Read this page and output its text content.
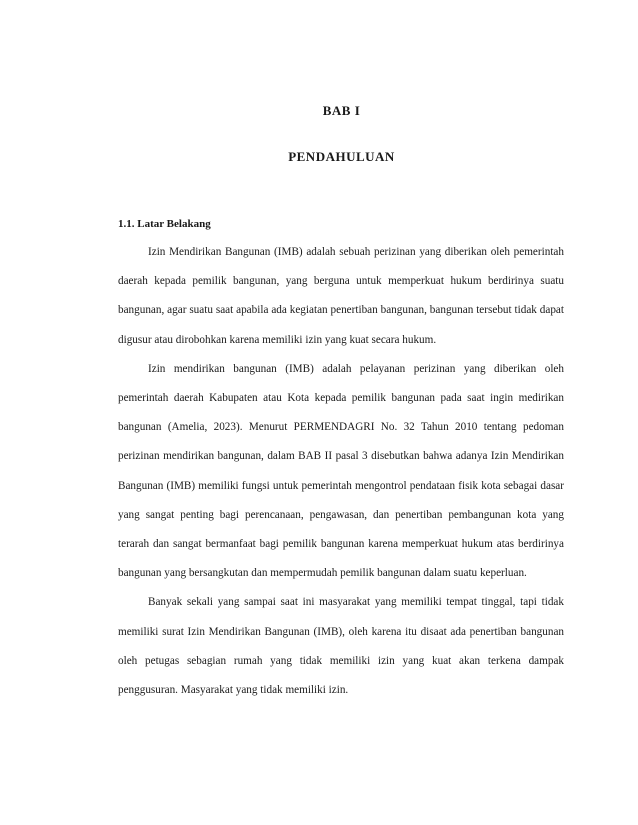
BAB I
PENDAHULUAN
1.1. Latar Belakang

Izin Mendirikan Bangunan (IMB) adalah sebuah perizinan yang diberikan oleh pemerintah daerah kepada pemilik bangunan, yang berguna untuk memperkuat hukum berdirinya suatu bangunan, agar suatu saat apabila ada kegiatan penertiban bangunan, bangunan tersebut tidak dapat digusur atau dirobohkan karena memiliki izin yang kuat secara hukum.

Izin mendirikan bangunan (IMB) adalah pelayanan perizinan yang diberikan oleh pemerintah daerah Kabupaten atau Kota kepada pemilik bangunan pada saat ingin medirikan bangunan (Amelia, 2023). Menurut PERMENDAGRI No. 32 Tahun 2010 tentang pedoman perizinan mendirikan bangunan, dalam BAB II pasal 3 disebutkan bahwa adanya Izin Mendirikan Bangunan (IMB) memiliki fungsi untuk pemerintah mengontrol pendataan fisik kota sebagai dasar yang sangat penting bagi perencanaan, pengawasan, dan penertiban pembangunan kota yang terarah dan sangat bermanfaat bagi pemilik bangunan karena memperkuat hukum atas berdirinya bangunan yang bersangkutan dan mempermudah pemilik bangunan dalam suatu keperluan.

Banyak sekali yang sampai saat ini masyarakat yang memiliki tempat tinggal, tapi tidak memiliki surat Izin Mendirikan Bangunan (IMB), oleh karena itu disaat ada penertiban bangunan oleh petugas sebagian rumah yang tidak memiliki izin yang kuat akan terkena dampak penggusuran. Masyarakat yang tidak memiliki izin.
